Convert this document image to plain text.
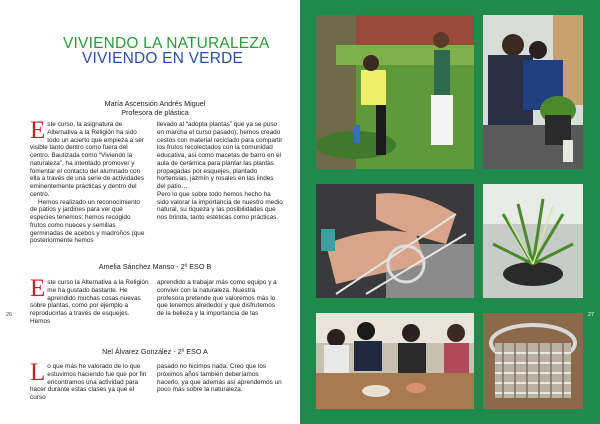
VIVIENDO LA NATURALEZA
VIVIENDO EN VERDE
María Ascensión Andrés Miguel
Profesora de plástica

Este curso, la asignatura de Alternativa a la Religión ha sido todo un acierto que empieza a ser visible tanto dentro como fuera del centro. Bautizada como “Viviendo la naturaleza”, ha intentado promover y fomentar el contacto del alumnado con ella a través de una serie de actividades eminentemente prácticas y dentro del centro.

Hemos realizado un reconocimiento de patios y jardines para ver qué especies tenemos; hemos recogido frutos como nueces y semillas germinadas de acebos y madroños (que posteriormente hemos

llevado al “adopta plantas” que ya se puso en marcha el curso pasado); hemos creado cestos con material reciclado para compartir los frutos recolectados con la comunidad educativa, así como macetas de barro en el aula de cerámica para plantar las plantas propagadas por esquejes, plantado hortensias, jazmín y rosales en las lindes del patio…

Pero lo que sobre todo hemos hecho ha sido valorar la importancia de nuestro medio natural, su riqueza y las posibilidades que nos brinda, tanto estéticas como prácticas.

Amelia Sánchez Manso - 2º ESO B

Este curso la Alternativa a la Religión me ha gustado bastante. He aprendido muchas cosas nuevas sobre plantas, como por ejemplo a reproducirlas a través de esquejes. Hemos

aprendido a trabajar más como equipo y a convivir con la naturaleza. Nuestra profesora pretende que valoremos más lo que tenemos alrededor y que disfrutemos de la belleza y la importancia de las
Nel Álvarez González - 2º ESO A

Lo que más he valorado de lo que estuvimos haciendo fue que por fin encontramos una actividad para hacer durante estas clases ya que el curso

pasado no hicimos nada. Creo que los próximos años también deberíamos hacerlo, ya que además así aprendemos un poco más sobre la naturaleza.
26	27
